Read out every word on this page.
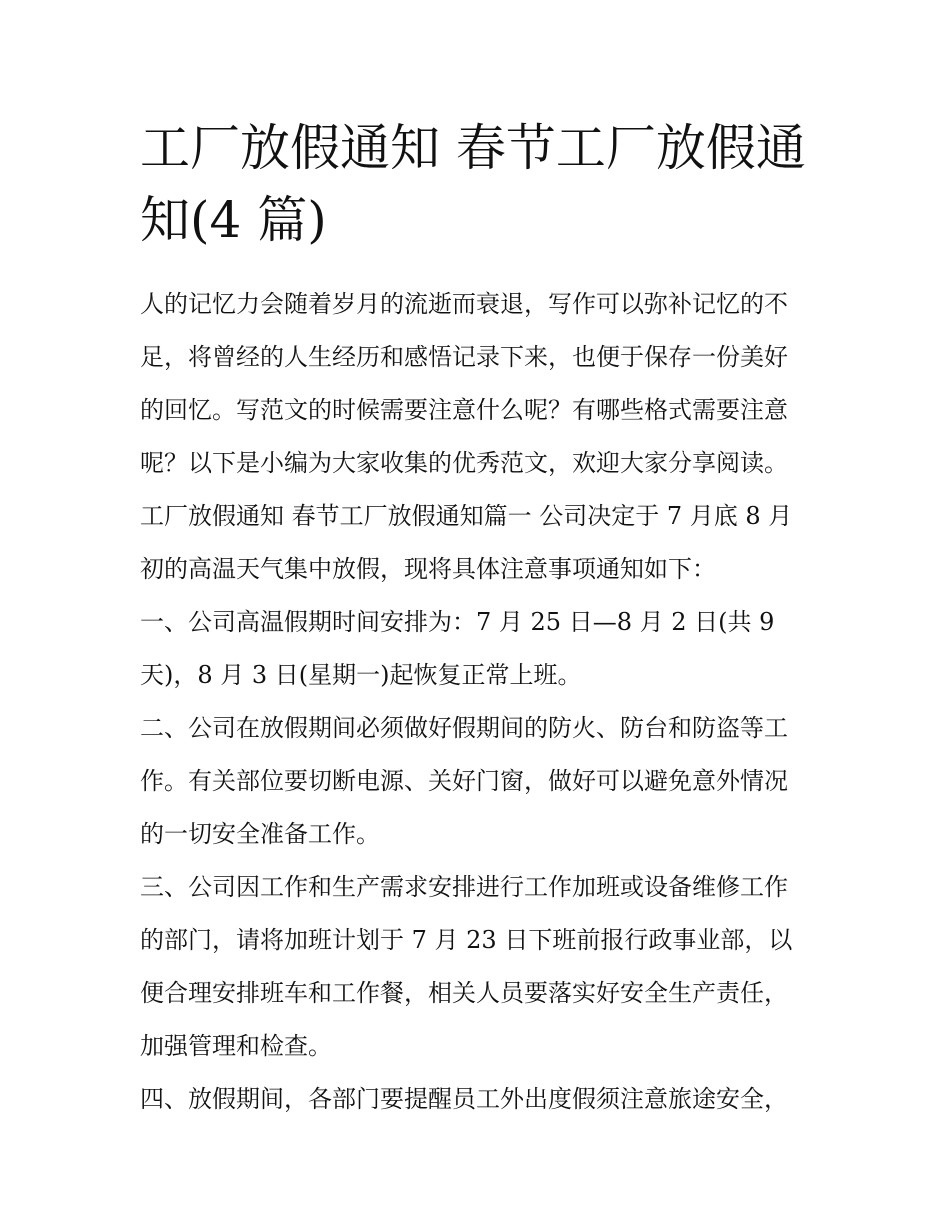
工厂放假通知 春节工厂放假通
知(4 篇)
人的记忆力会随着岁月的流逝而衰退，写作可以弥补记忆的不
足，将曾经的人生经历和感悟记录下来，也便于保存一份美好
的回忆。写范文的时候需要注意什么呢？有哪些格式需要注意
呢？以下是小编为大家收集的优秀范文，欢迎大家分享阅读。
工厂放假通知 春节工厂放假通知篇一 公司决定于 7 月底 8 月
初的高温天气集中放假，现将具体注意事项通知如下：
一、公司高温假期时间安排为：7 月 25 日—8 月 2 日(共 9
天)，8 月 3 日(星期一)起恢复正常上班。
二、公司在放假期间必须做好假期间的防火、防台和防盗等工
作。有关部位要切断电源、关好门窗，做好可以避免意外情况
的一切安全准备工作。
三、公司因工作和生产需求安排进行工作加班或设备维修工作
的部门，请将加班计划于 7 月 23 日下班前报行政事业部，以
便合理安排班车和工作餐，相关人员要落实好安全生产责任，
加强管理和检查。
四、放假期间，各部门要提醒员工外出度假须注意旅途安全，
